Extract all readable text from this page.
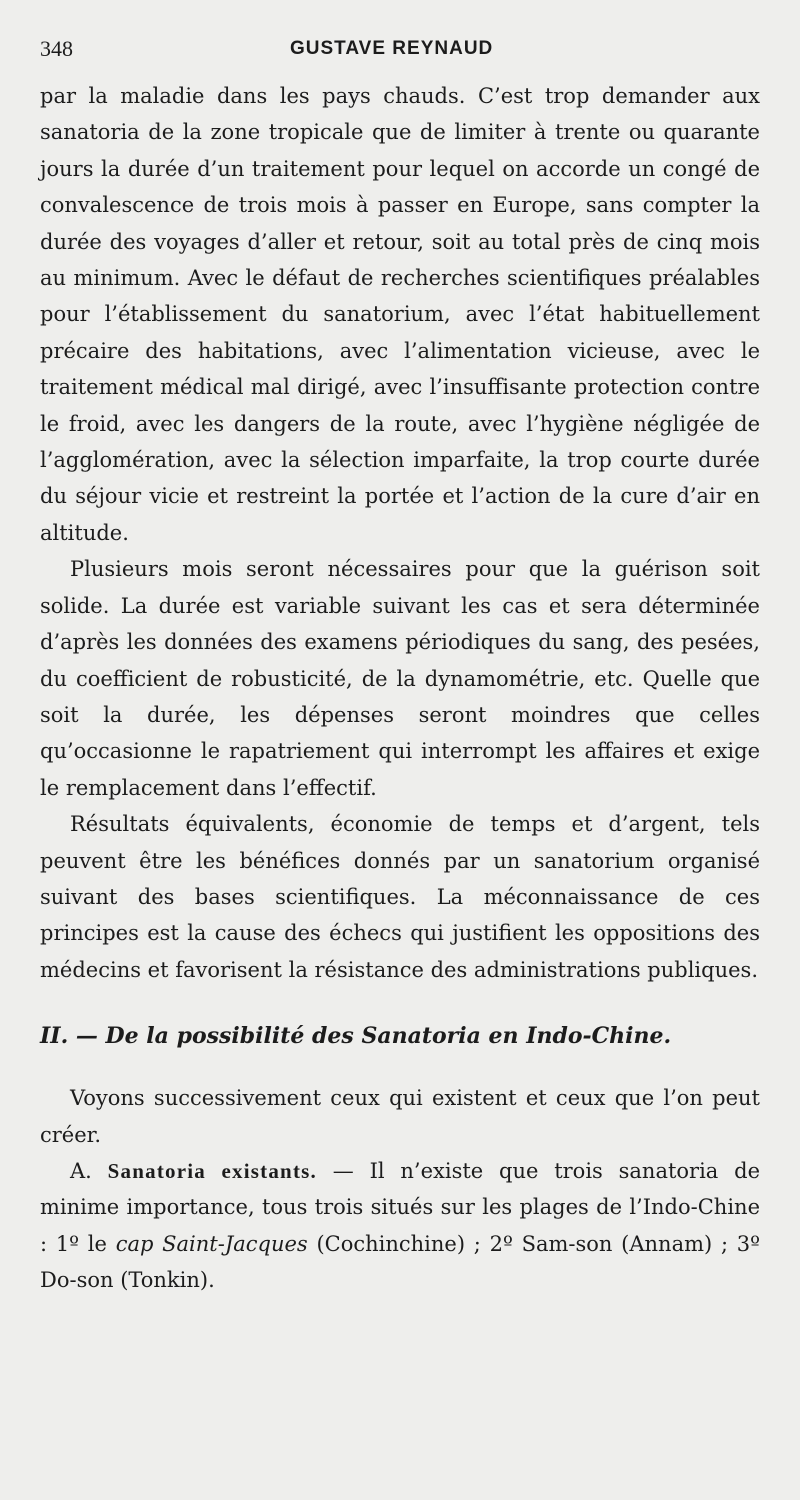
348	GUSTAVE REYNAUD

par la maladie dans les pays chauds. C’est trop demander aux sanatoria de la zone tropicale que de limiter à trente ou quarante jours la durée d’un traitement pour lequel on accorde un congé de convalescence de trois mois à passer en Europe, sans compter la durée des voyages d’aller et retour, soit au total près de cinq mois au minimum. Avec le défaut de recherches scientifiques préalables pour l’établissement du sanatorium, avec l’état habituellement précaire des habitations, avec l’alimentation vicieuse, avec le traitement médical mal dirigé, avec l’insuffisante protection contre le froid, avec les dangers de la route, avec l’hygiène négligée de l’agglomération, avec la sélection imparfaite, la trop courte durée du séjour vicie et restreint la portée et l’action de la cure d’air en altitude.

Plusieurs mois seront nécessaires pour que la guérison soit solide. La durée est variable suivant les cas et sera déterminée d’après les données des examens périodiques du sang, des pesées, du coefficient de robusticité, de la dynamométrie, etc. Quelle que soit la durée, les dépenses seront moindres que celles qu’occasionne le rapatriement qui interrompt les affaires et exige le remplacement dans l’effectif.

Résultats équivalents, économie de temps et d’argent, tels peuvent être les bénéfices donnés par un sanatorium organisé suivant des bases scientifiques. La méconnaissance de ces principes est la cause des échecs qui justifient les oppositions des médecins et favorisent la résistance des administrations publiques.

II. — De la possibilité des Sanatoria en Indo-Chine.

Voyons successivement ceux qui existent et ceux que l’on peut créer.

A. Sanatoria existants. — Il n’existe que trois sanatoria de minime importance, tous trois situés sur les plages de l’Indo-Chine : 1º le cap Saint-Jacques (Cochinchine) ; 2º Sam-son (Annam) ; 3º Do-son (Tonkin).
